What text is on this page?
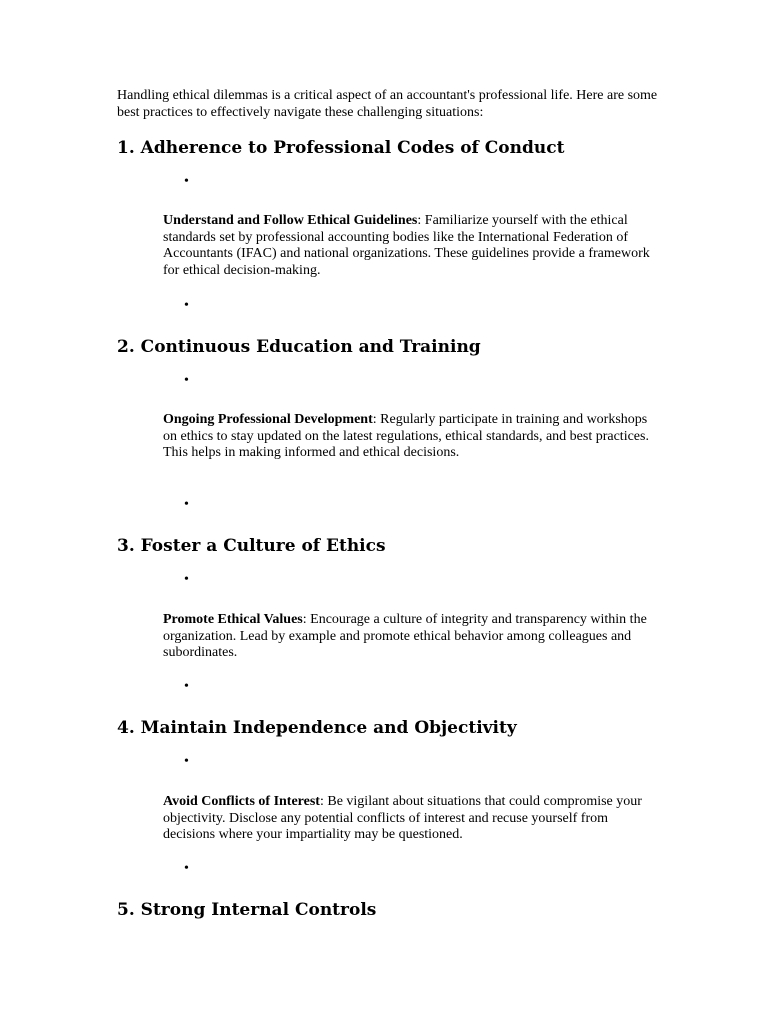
Handling ethical dilemmas is a critical aspect of an accountant's professional life. Here are some best practices to effectively navigate these challenging situations:

1. Adherence to Professional Codes of Conduct
•

Understand and Follow Ethical Guidelines: Familiarize yourself with the ethical standards set by professional accounting bodies like the International Federation of Accountants (IFAC) and national organizations. These guidelines provide a framework for ethical decision-making.

•
2. Continuous Education and Training
•

Ongoing Professional Development: Regularly participate in training and workshops on ethics to stay updated on the latest regulations, ethical standards, and best practices. This helps in making informed and ethical decisions.

•
3. Foster a Culture of Ethics
•

Promote Ethical Values: Encourage a culture of integrity and transparency within the organization. Lead by example and promote ethical behavior among colleagues and subordinates.

•
4. Maintain Independence and Objectivity
•

Avoid Conflicts of Interest: Be vigilant about situations that could compromise your objectivity. Disclose any potential conflicts of interest and recuse yourself from decisions where your impartiality may be questioned.

•
5. Strong Internal Controls
